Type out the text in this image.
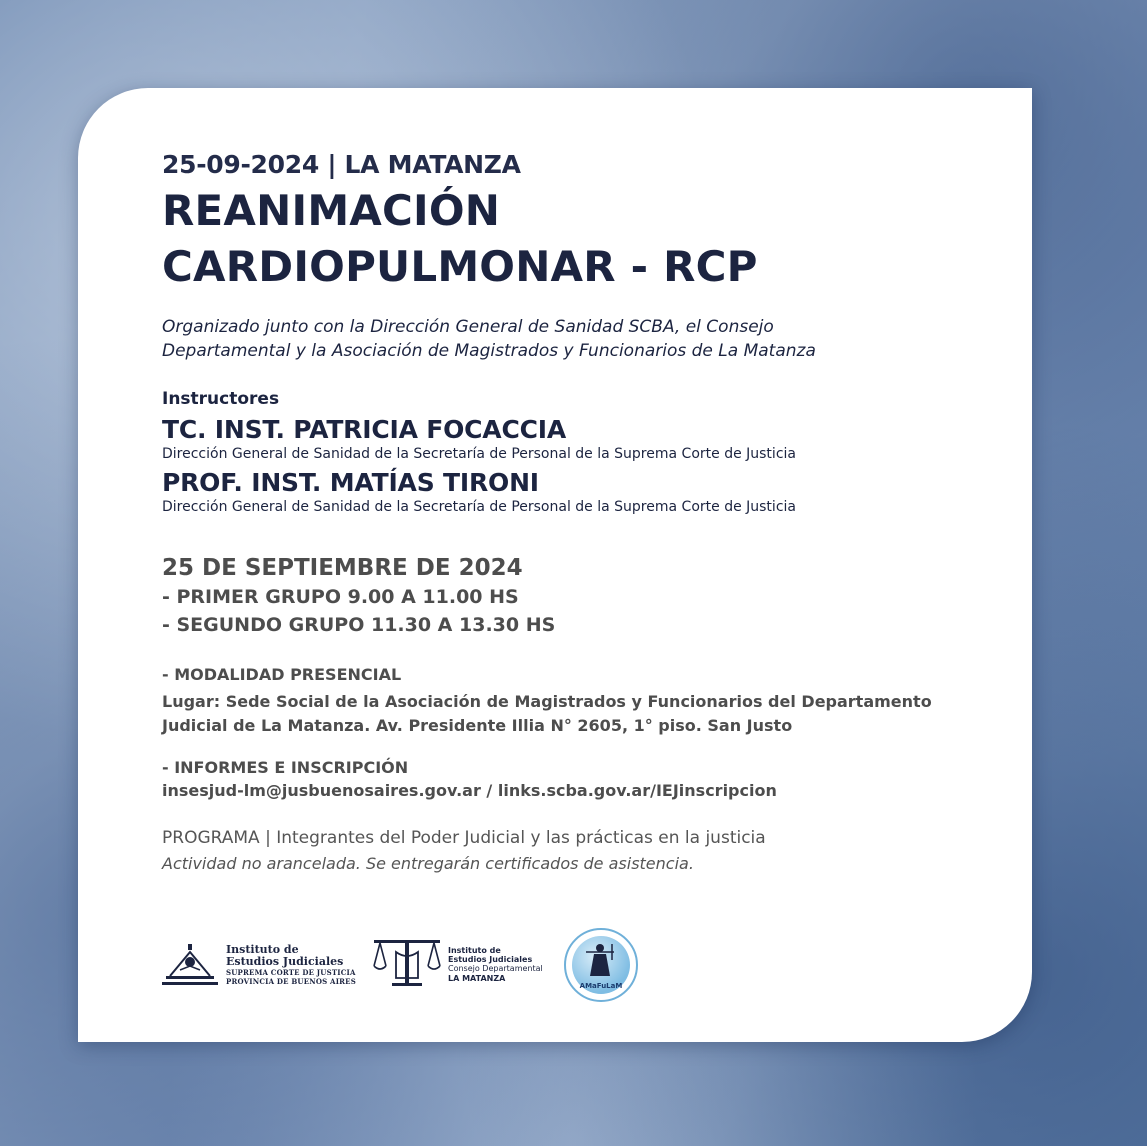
25-09-2024 | LA MATANZA

REANIMACIÓN
CARDIOPULMONAR - RCP
Organizado junto con la Dirección General de Sanidad SCBA, el Consejo
Departamental y la Asociación de Magistrados y Funcionarios de La Matanza

Instructores

TC. INST. PATRICIA FOCACCIA

Dirección General de Sanidad de la Secretaría de Personal de la Suprema Corte de Justicia

PROF. INST. MATÍAS TIRONI

Dirección General de Sanidad de la Secretaría de Personal de la Suprema Corte de Justicia

25 DE SEPTIEMBRE DE 2024

- PRIMER GRUPO 9.00 A 11.00 HS

- SEGUNDO GRUPO 11.30 A 13.30 HS

- MODALIDAD PRESENCIAL

Lugar: Sede Social de la Asociación de Magistrados y Funcionarios del Departamento
Judicial de La Matanza. Av. Presidente Illia N° 2605, 1° piso. San Justo

- INFORMES E INSCRIPCIÓN

insesjud-lm@jusbuenosaires.gov.ar / links.scba.gov.ar/IEJinscripcion

PROGRAMA | Integrantes del Poder Judicial y las prácticas en la justicia

Actividad no arancelada. Se entregarán certificados de asistencia.

Instituto de
Estudios Judiciales
SUPREMA CORTE DE JUSTICIA
PROVINCIA DE BUENOS AIRES
Instituto de
Estudios Judiciales
Consejo Departamental
LA MATANZA
AMaFuLaM
